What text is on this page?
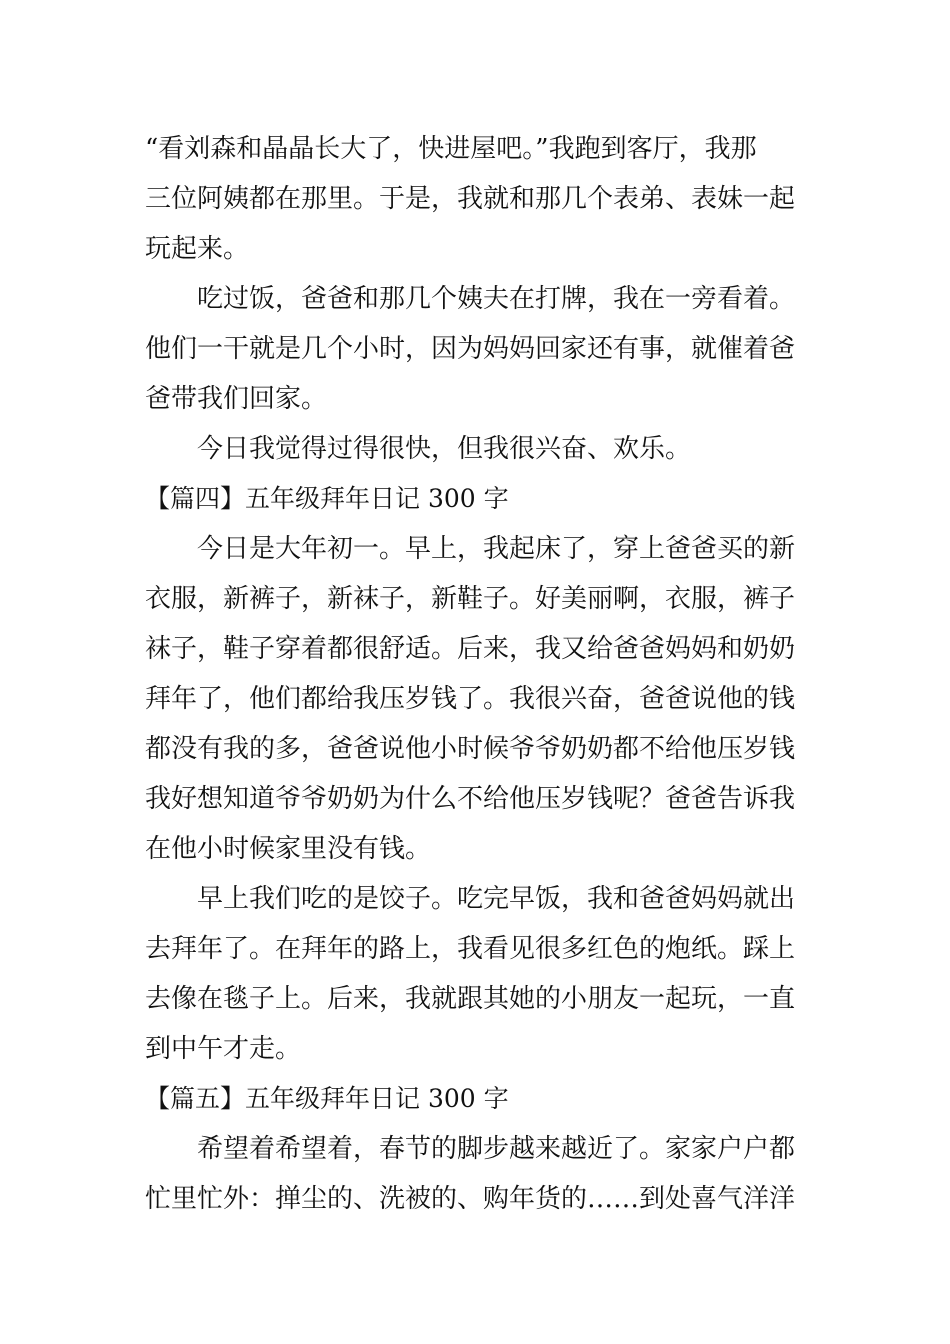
“看刘森和晶晶长大了，快进屋吧。”我跑到客厅，我那
三位阿姨都在那里。于是，我就和那几个表弟、表妹一起
玩起来。
吃过饭，爸爸和那几个姨夫在打牌，我在一旁看着。
他们一干就是几个小时，因为妈妈回家还有事，就催着爸
爸带我们回家。
今日我觉得过得很快，但我很兴奋、欢乐。
【篇四】五年级拜年日记 300 字
今日是大年初一。早上，我起床了，穿上爸爸买的新
衣服，新裤子，新袜子，新鞋子。好美丽啊，衣服，裤子
袜子，鞋子穿着都很舒适。后来，我又给爸爸妈妈和奶奶
拜年了，他们都给我压岁钱了。我很兴奋，爸爸说他的钱
都没有我的多，爸爸说他小时候爷爷奶奶都不给他压岁钱
我好想知道爷爷奶奶为什么不给他压岁钱呢？爸爸告诉我
在他小时候家里没有钱。
早上我们吃的是饺子。吃完早饭，我和爸爸妈妈就出
去拜年了。在拜年的路上，我看见很多红色的炮纸。踩上
去像在毯子上。后来，我就跟其她的小朋友一起玩，一直
到中午才走。
【篇五】五年级拜年日记 300 字
希望着希望着，春节的脚步越来越近了。家家户户都
忙里忙外：掸尘的、洗被的、购年货的……到处喜气洋洋
